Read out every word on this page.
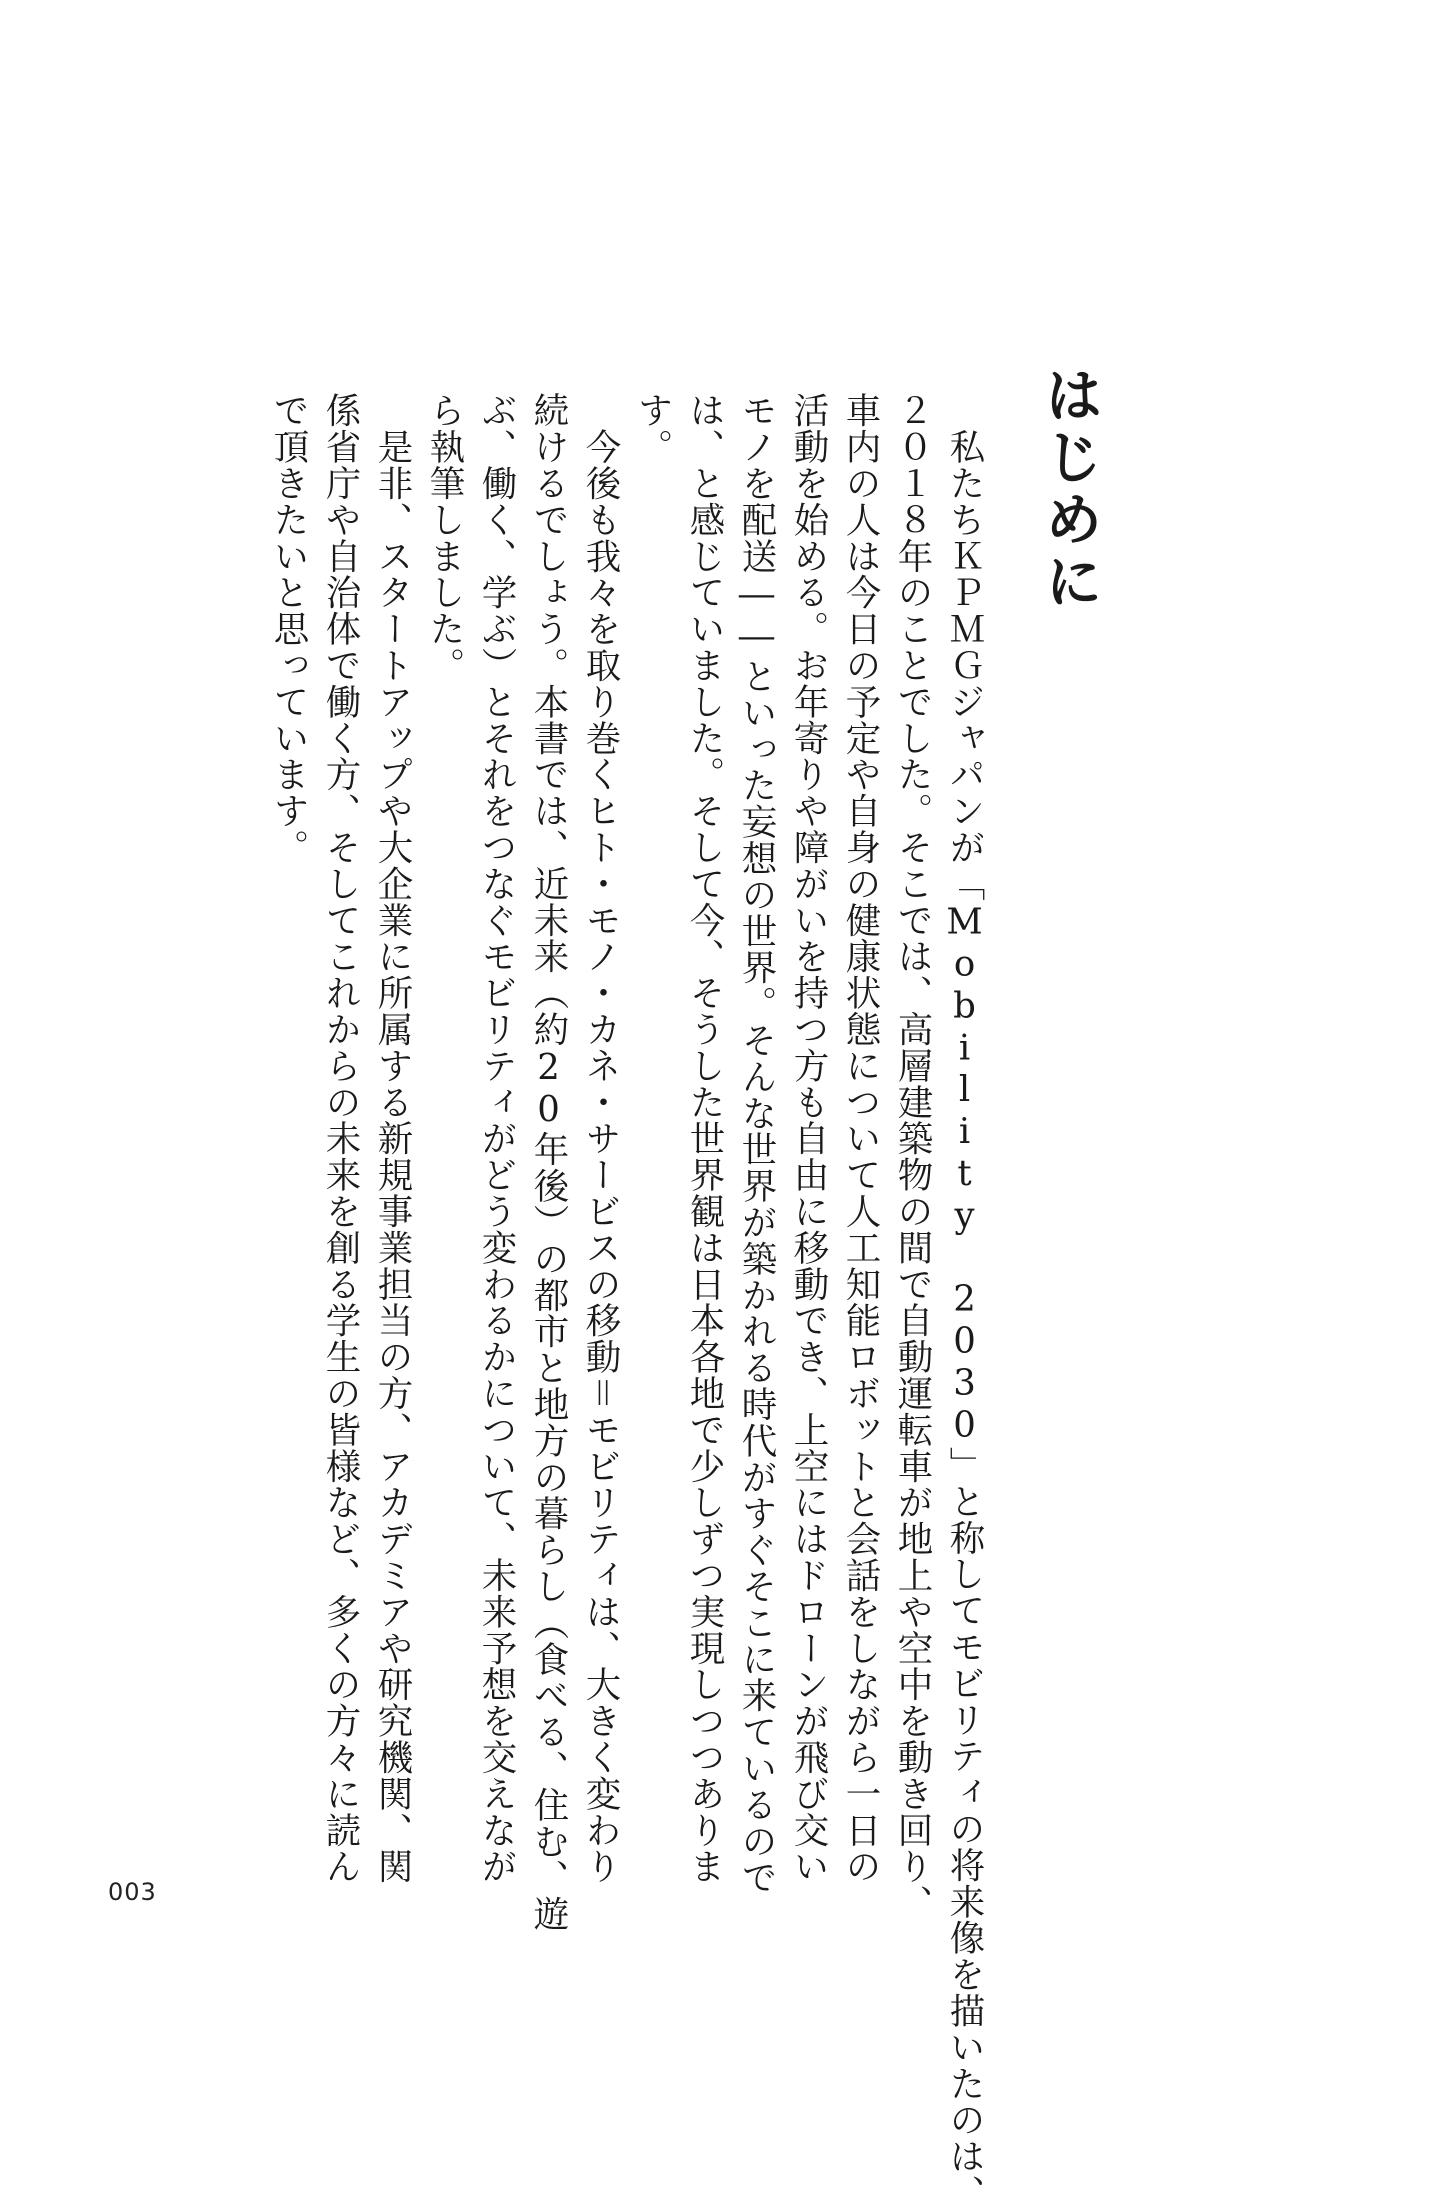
はじめに
　私たちＫＰＭＧジャパンが「Mobility 2030」と称してモビリティの将来像を描いたのは、
２０１８年のことでした。そこでは、高層建築物の間で自動運転車が地上や空中を動き回り、
車内の人は今日の予定や自身の健康状態について人工知能ロボットと会話をしながら一日の
活動を始める。お年寄りや障がいを持つ方も自由に移動でき、上空にはドローンが飛び交い
モノを配送――といった妄想の世界。そんな世界が築かれる時代がすぐそこに来ているので
は、と感じていました。そして今、そうした世界観は日本各地で少しずつ実現しつつありま
す。
　今後も我々を取り巻くヒト・モノ・カネ・サービスの移動＝モビリティは、大きく変わり
続けるでしょう。本書では、近未来（約20年後）の都市と地方の暮らし（食べる、住む、遊
ぶ、働く、学ぶ）とそれをつなぐモビリティがどう変わるかについて、未来予想を交えなが
ら執筆しました。
　是非、スタートアップや大企業に所属する新規事業担当の方、アカデミアや研究機関、関
係省庁や自治体で働く方、そしてこれからの未来を創る学生の皆様など、多くの方々に読ん
で頂きたいと思っています。
003
